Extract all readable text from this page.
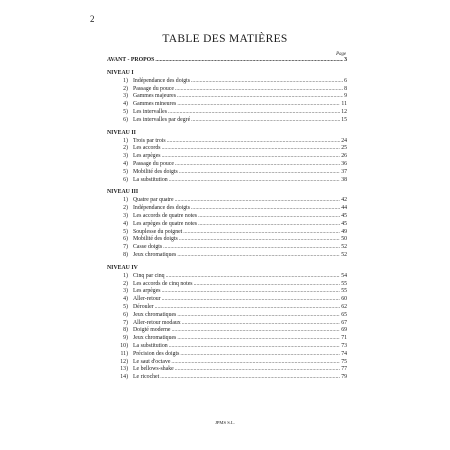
2
TABLE DES MATIÈRES
Page
AVANT - PROPOS .....	3
NIVEAU I
1) Indépendance des doigts .....	6
2) Passage du pouce .....	8
3) Gammes majeures .....	9
4) Gammes mineures .....	11
5) Les intervalles .....	12
6) Les intervalles par degré .....	15
NIVEAU II
1) Trois par trois .....	24
2) Les accords .....	25
3) Les arpèges .....	26
4) Passage du pouce .....	36
5) Mobilité des doigts .....	37
6) La substitution .....	38
NIVEAU III
1) Quatre par quatre .....	42
2) Indépendance des doigts .....	44
3) Les accords de quatre notes .....	45
4) Les arpèges de quatre notes .....	45
5) Souplesse du poignet .....	49
6) Mobilité des doigts .....	50
7) Casse doigts .....	52
8) Jeux chromatiques .....	52
NIVEAU IV
1) Cinq par cinq .....	54
2) Les accords de cinq notes .....	55
3) Les arpèges .....	55
4) Aller-retour .....	60
5) Dérouler .....	62
6) Jeux chromatiques .....	65
7) Aller-retour modaux .....	67
8) Doigté moderne .....	69
9) Jeux chromatiques .....	71
10) La substitution .....	73
11) Précision des doigts .....	74
12) Le saut d'octave .....	75
13) Le bellows-shake .....	77
14) Le ricochet .....	79
JPMS S.L.
